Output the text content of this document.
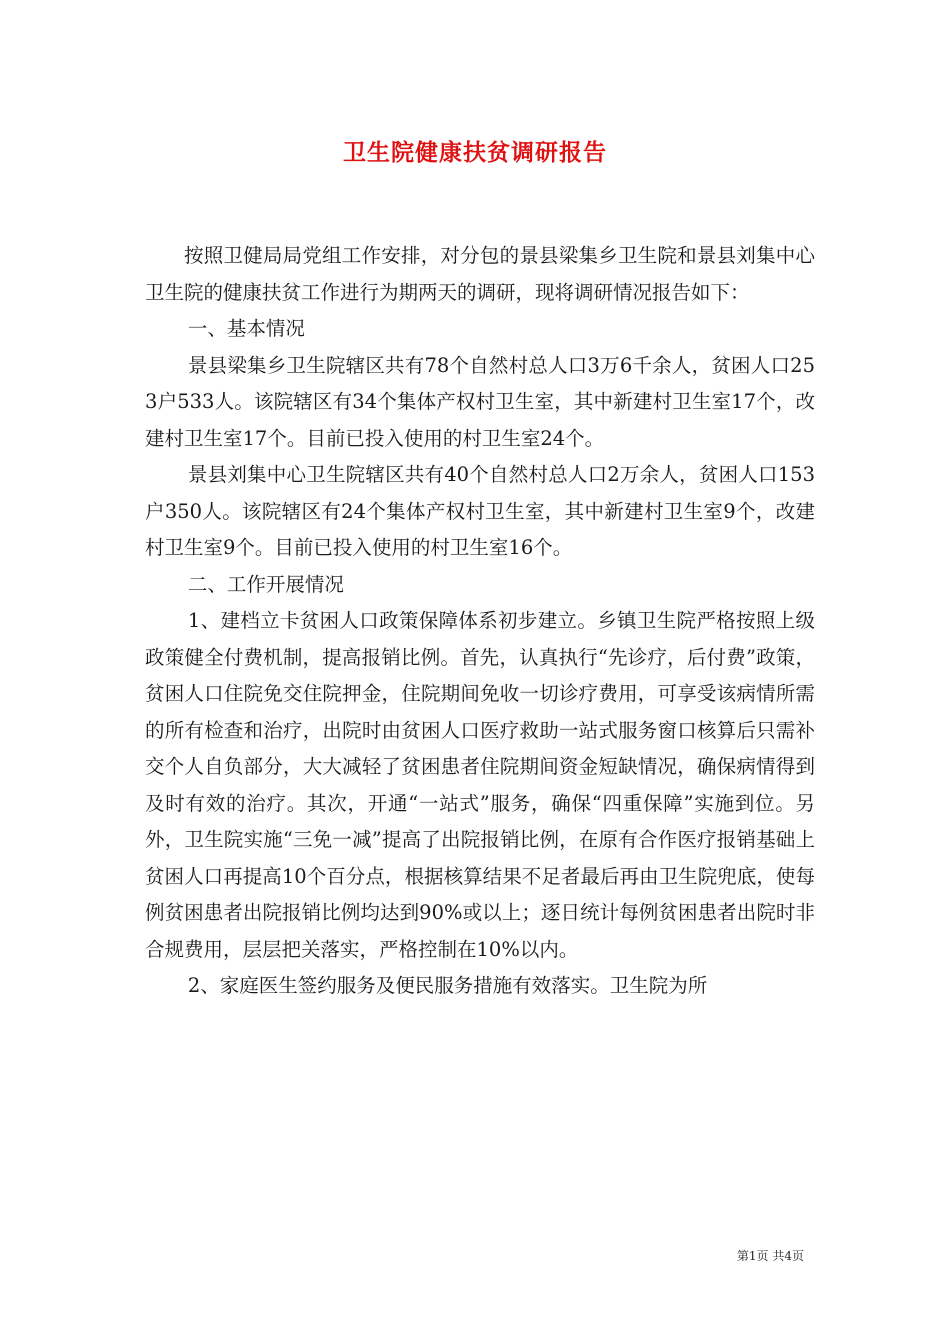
卫生院健康扶贫调研报告

按照卫健局局党组工作安排，对分包的景县梁集乡卫生院和景县刘集中心卫生院的健康扶贫工作进行为期两天的调研，现将调研情况报告如下：

一、基本情况

景县梁集乡卫生院辖区共有78个自然村总人口3万6千余人，贫困人口253户533人。该院辖区有34个集体产权村卫生室，其中新建村卫生室17个，改建村卫生室17个。目前已投入使用的村卫生室24个。

景县刘集中心卫生院辖区共有40个自然村总人口2万余人，贫困人口153户350人。该院辖区有24个集体产权村卫生室，其中新建村卫生室9个，改建村卫生室9个。目前已投入使用的村卫生室16个。

二、工作开展情况

1、建档立卡贫困人口政策保障体系初步建立。乡镇卫生院严格按照上级政策健全付费机制，提高报销比例。首先，认真执行“先诊疗，后付费”政策，贫困人口住院免交住院押金，住院期间免收一切诊疗费用，可享受该病情所需的所有检查和治疗，出院时由贫困人口医疗救助一站式服务窗口核算后只需补交个人自负部分，大大减轻了贫困患者住院期间资金短缺情况，确保病情得到及时有效的治疗。其次，开通“一站式”服务，确保“四重保障”实施到位。另外，卫生院实施“三免一减”提高了出院报销比例，在原有合作医疗报销基础上贫困人口再提高10个百分点，根据核算结果不足者最后再由卫生院兜底，使每例贫困患者出院报销比例均达到90%或以上；逐日统计每例贫困患者出院时非合规费用，层层把关落实，严格控制在10%以内。

2、家庭医生签约服务及便民服务措施有效落实。卫生院为所

第1页 共4页
